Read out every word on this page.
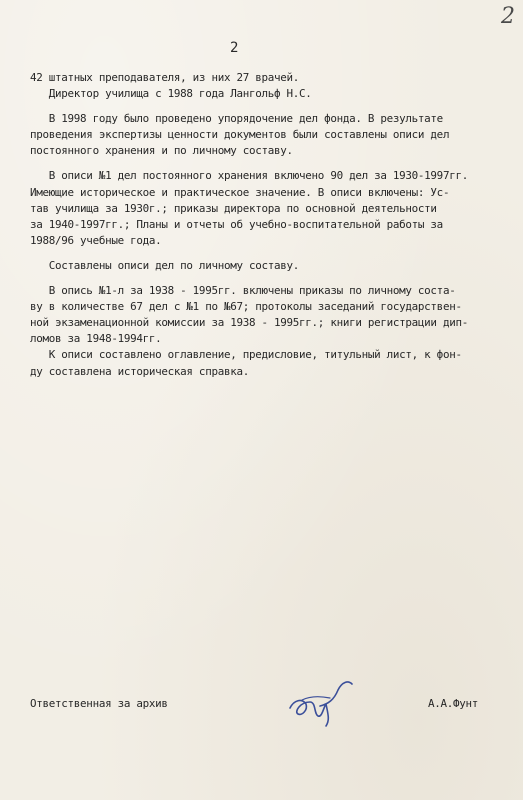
2
2
42 штатных преподавателя, из них 27 врачей.
Директор училища с 1988 года Лангольф Н.С.
В 1998 году было проведено упорядочение дел фонда. В результате
проведения экспертизы ценности документов были составлены описи дел
постоянного хранения и по личному составу.
В описи №1 дел постоянного хранения включено 90 дел за 1930-1997гг.
Имеющие историческое и практическое значение. В описи включены: Ус-
тав училища за 1930г.; приказы директора по основной деятельности
за 1940-1997гг.; Планы и отчеты об учебно-воспитательной работы за
1988/96 учебные года.
Составлены описи дел по личному составу.
В опись №1-л за 1938 - 1995гг. включены приказы по личному соста-
ву в количестве 67 дел с №1 по №67; протоколы заседаний государствен-
ной экзаменационной комиссии за 1938 - 1995гг.; книги регистрации дип-
ломов за 1948-1994гг.
К описи составлено оглавление, предисловие, титульный лист, к фон-
ду составлена историческая справка.
Ответственная за архив	А.А.Фунт
